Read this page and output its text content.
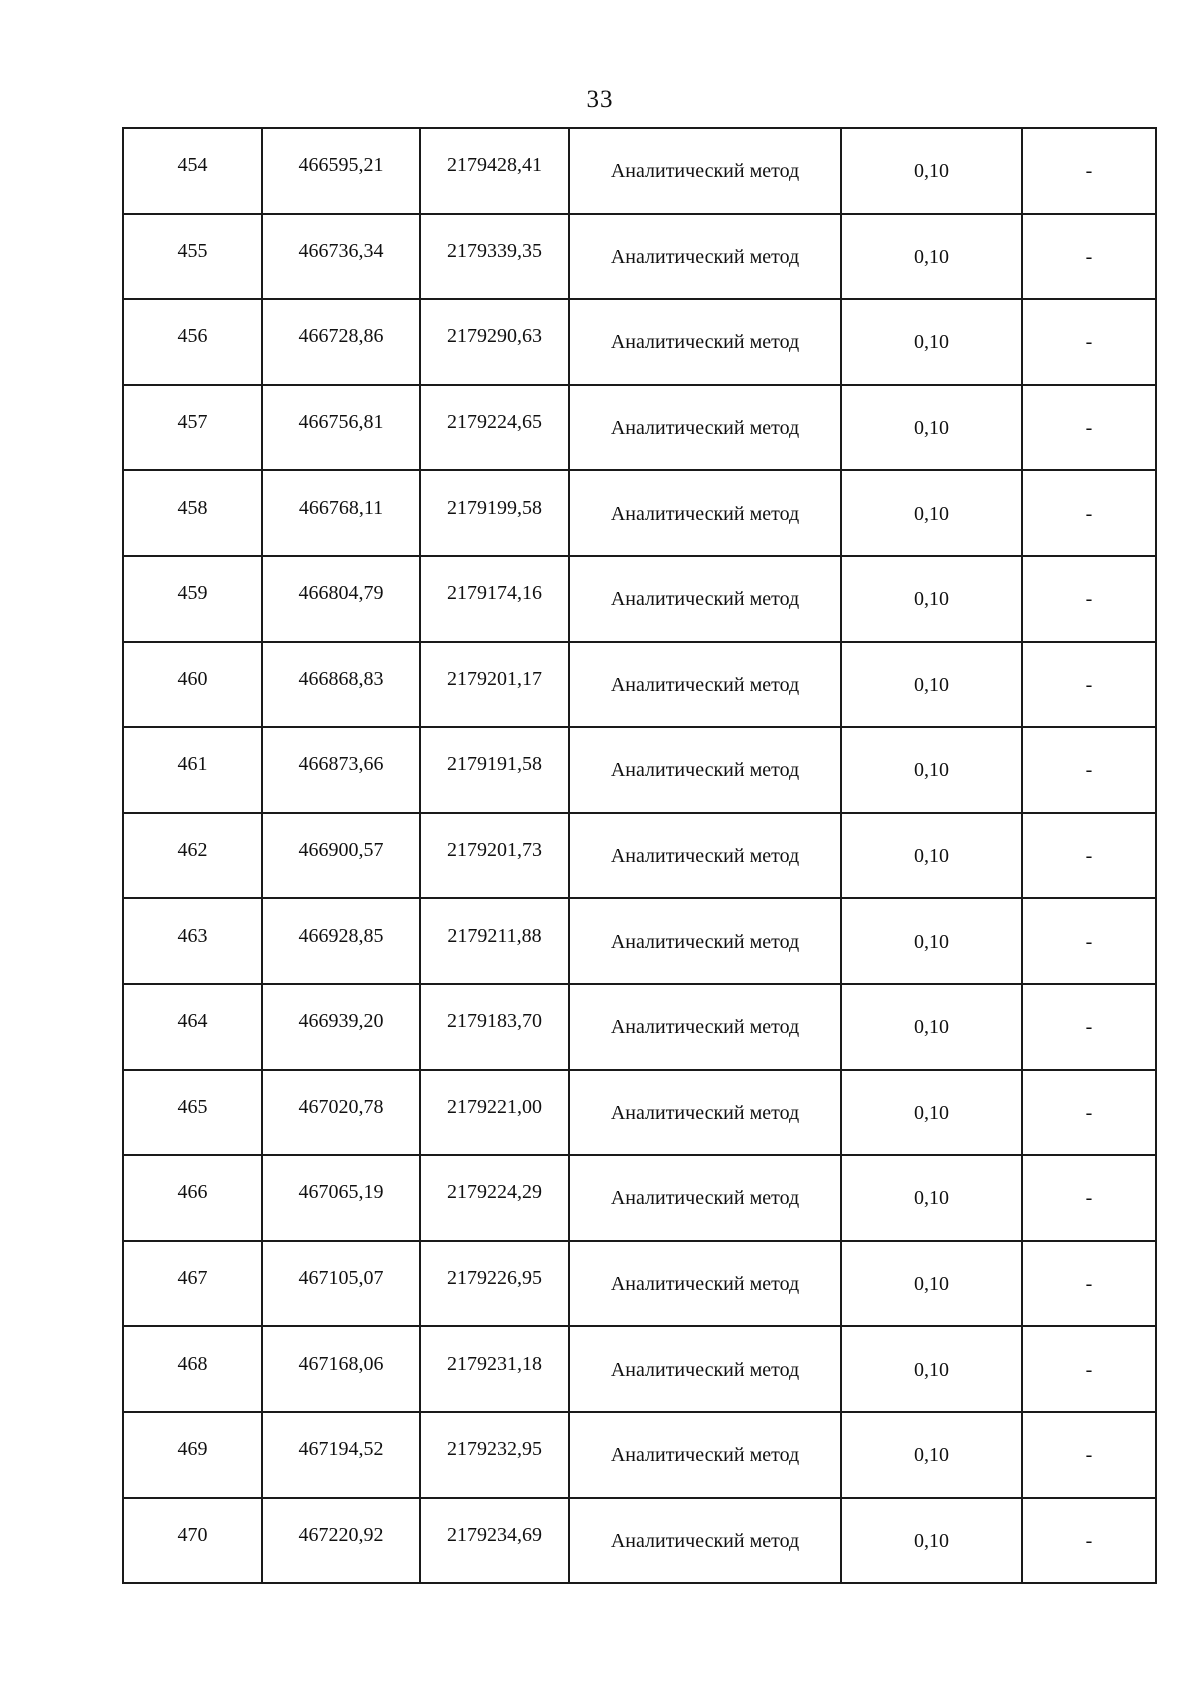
33
454	466595,21	2179428,41	Аналитический метод	0,10	-
455	466736,34	2179339,35	Аналитический метод	0,10	-
456	466728,86	2179290,63	Аналитический метод	0,10	-
457	466756,81	2179224,65	Аналитический метод	0,10	-
458	466768,11	2179199,58	Аналитический метод	0,10	-
459	466804,79	2179174,16	Аналитический метод	0,10	-
460	466868,83	2179201,17	Аналитический метод	0,10	-
461	466873,66	2179191,58	Аналитический метод	0,10	-
462	466900,57	2179201,73	Аналитический метод	0,10	-
463	466928,85	2179211,88	Аналитический метод	0,10	-
464	466939,20	2179183,70	Аналитический метод	0,10	-
465	467020,78	2179221,00	Аналитический метод	0,10	-
466	467065,19	2179224,29	Аналитический метод	0,10	-
467	467105,07	2179226,95	Аналитический метод	0,10	-
468	467168,06	2179231,18	Аналитический метод	0,10	-
469	467194,52	2179232,95	Аналитический метод	0,10	-
470	467220,92	2179234,69	Аналитический метод	0,10	-
